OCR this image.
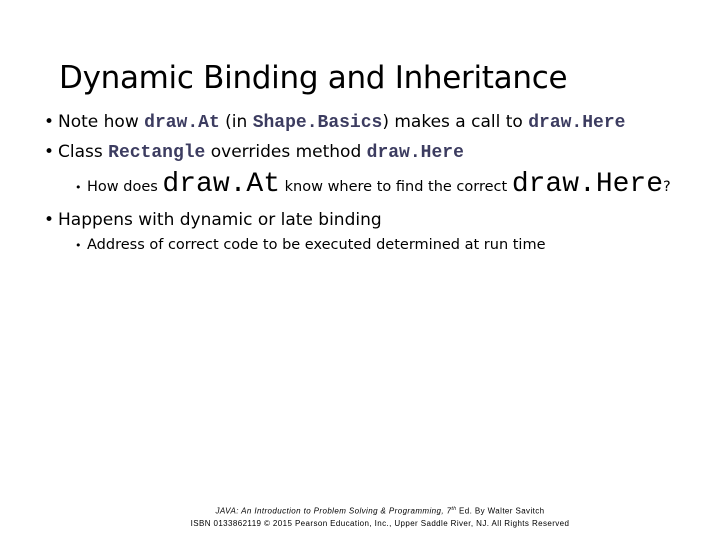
Dynamic Binding and Inheritance
• Note how draw.At (in Shape.Basics) makes a call to draw.Here
• Class Rectangle overrides method draw.Here
• How does draw.At know where to find the correct draw.Here?
• Happens with dynamic or late binding
• Address of correct code to be executed determined at run time
JAVA: An Introduction to Problem Solving & Programming, 7th Ed. By Walter Savitch
ISBN 0133862119 © 2015 Pearson Education, Inc., Upper Saddle River, NJ. All Rights Reserved
